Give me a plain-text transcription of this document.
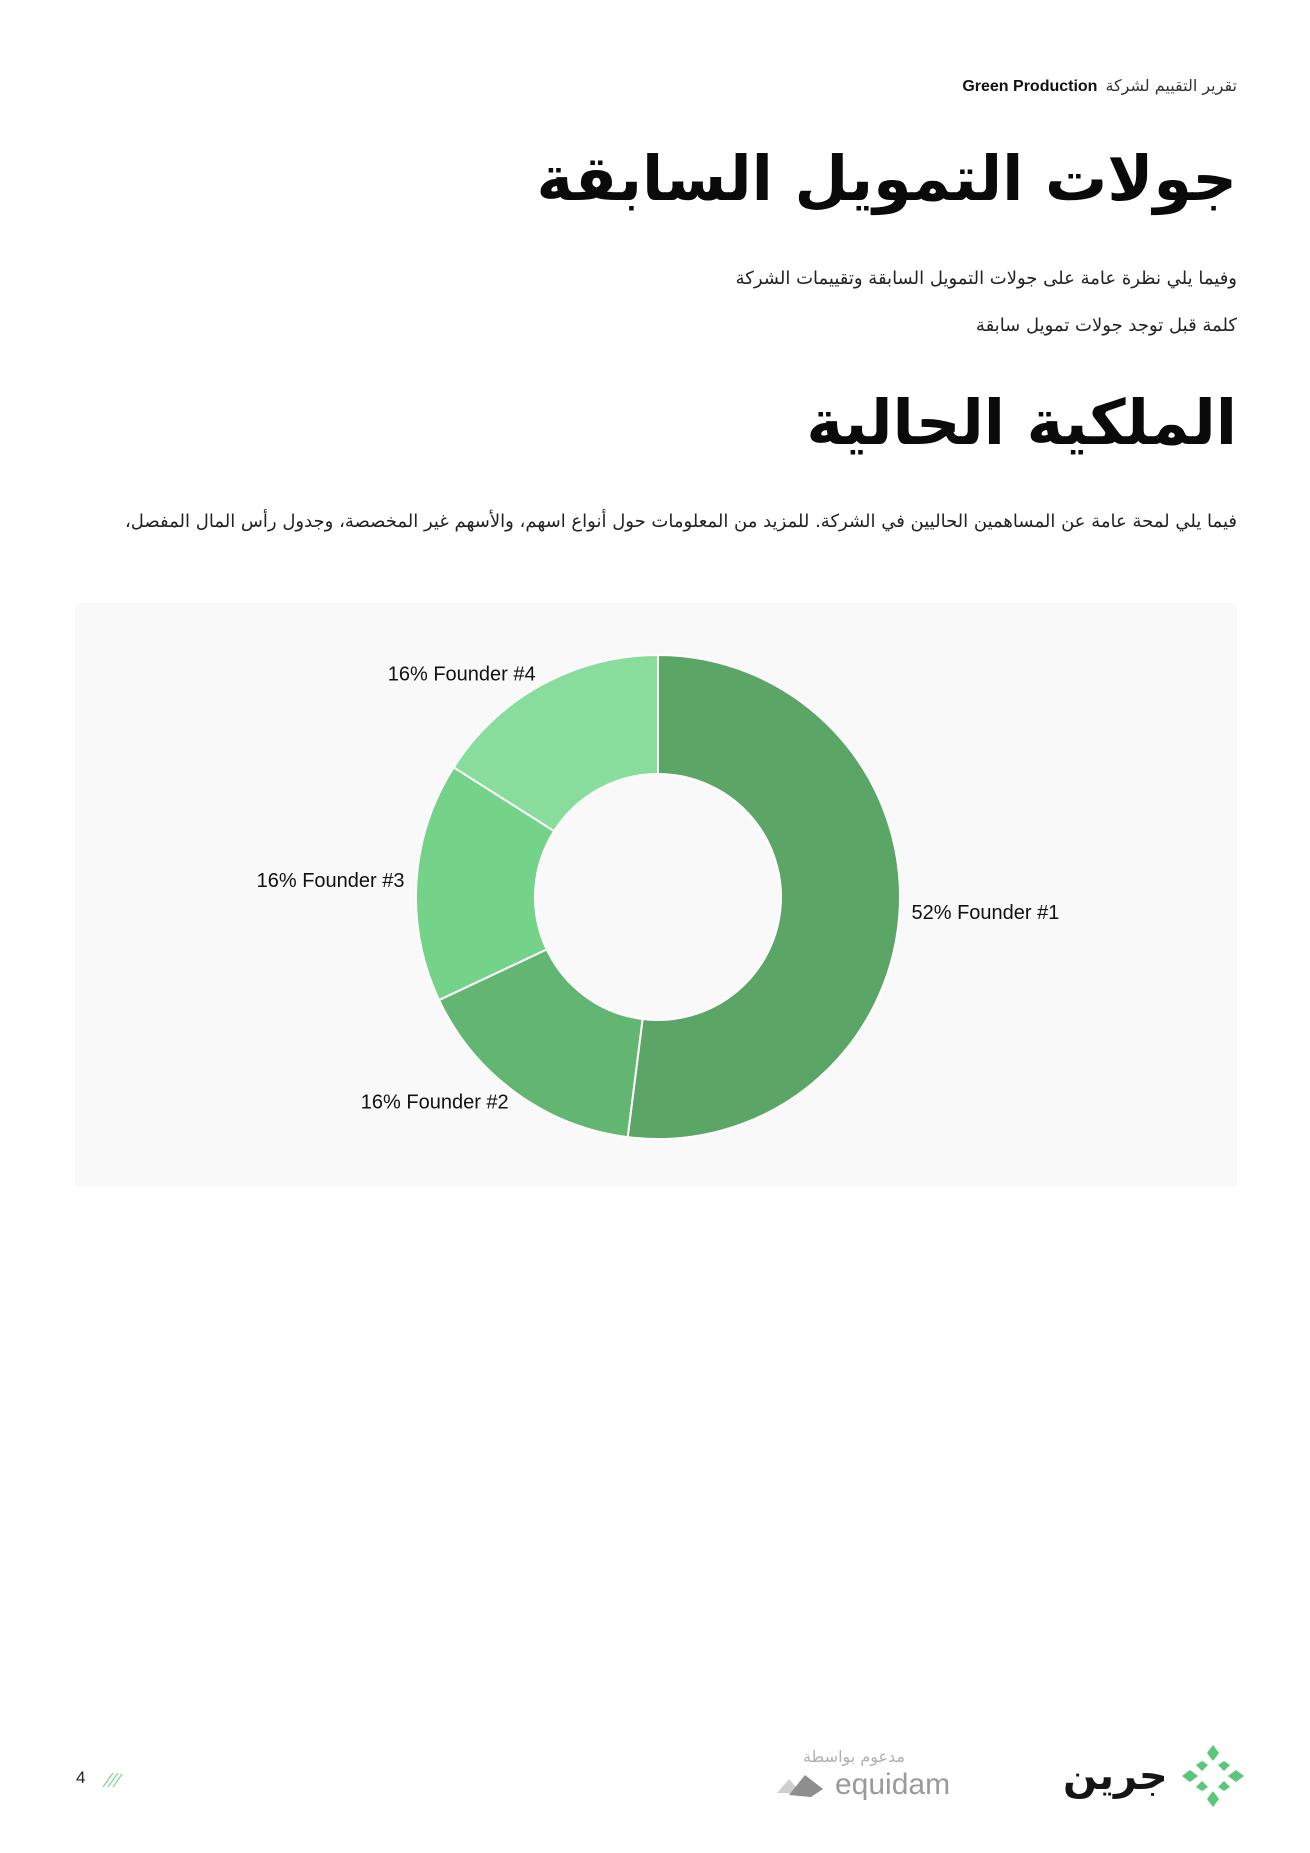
تقرير التقييم لشركة
Green Production
جولات التمويل السابقة

وفيما يلي نظرة عامة على جولات التمويل السابقة وتقييمات الشركة

كلمة قبل توجد جولات تمويل سابقة

الملكية الحالية

فيما يلي لمحة عامة عن المساهمين الحاليين في الشركة. للمزيد من المعلومات حول أنواع اسهم، والأسهم غير المخصصة، وجدول رأس المال المفصل،

52% Founder #1
16% Founder #2
16% Founder #3
16% Founder #4
4
مدعوم بواسطة
equidam	جرين
